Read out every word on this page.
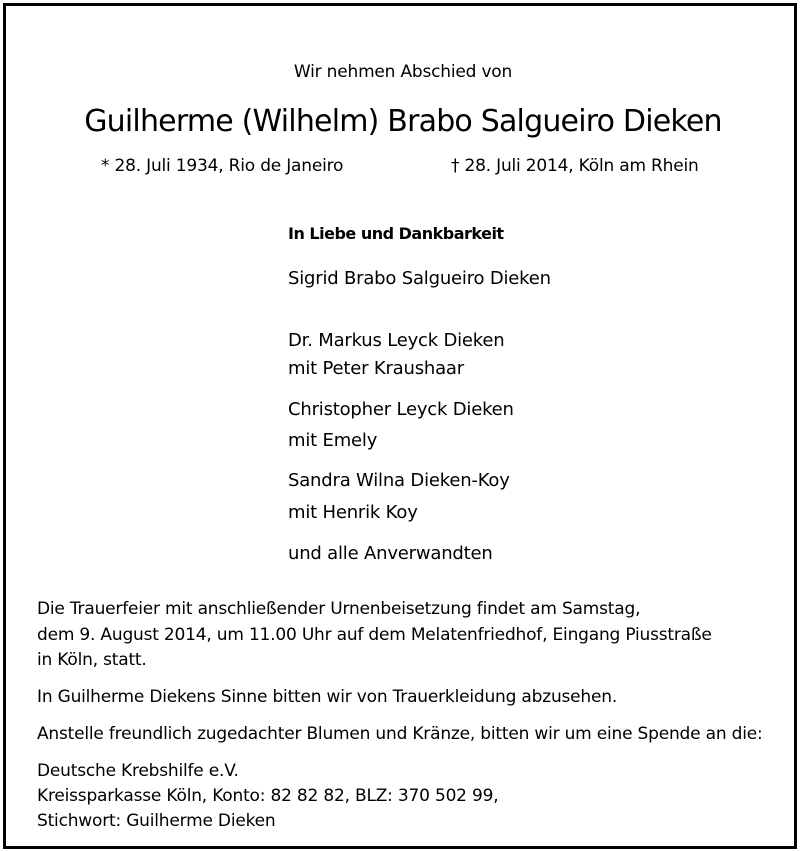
Wir nehmen Abschied von
Guilherme (Wilhelm) Brabo Salgueiro Dieken
* 28. Juli 1934, Rio de Janeiro	† 28. Juli 2014, Köln am Rhein
In Liebe und Dankbarkeit
Sigrid Brabo Salgueiro Dieken
Dr. Markus Leyck Dieken
mit Peter Kraushaar
Christopher Leyck Dieken
mit Emely
Sandra Wilna Dieken-Koy
mit Henrik Koy
und alle Anverwandten
Die Trauerfeier mit anschließender Urnenbeisetzung findet am Samstag,
dem 9. August 2014, um 11.00 Uhr auf dem Melatenfriedhof, Eingang Piusstraße
in Köln, statt.
In Guilherme Diekens Sinne bitten wir von Trauerkleidung abzusehen.
Anstelle freundlich zugedachter Blumen und Kränze, bitten wir um eine Spende an die:
Deutsche Krebshilfe e.V.
Kreissparkasse Köln, Konto: 82 82 82, BLZ: 370 502 99,
Stichwort: Guilherme Dieken
